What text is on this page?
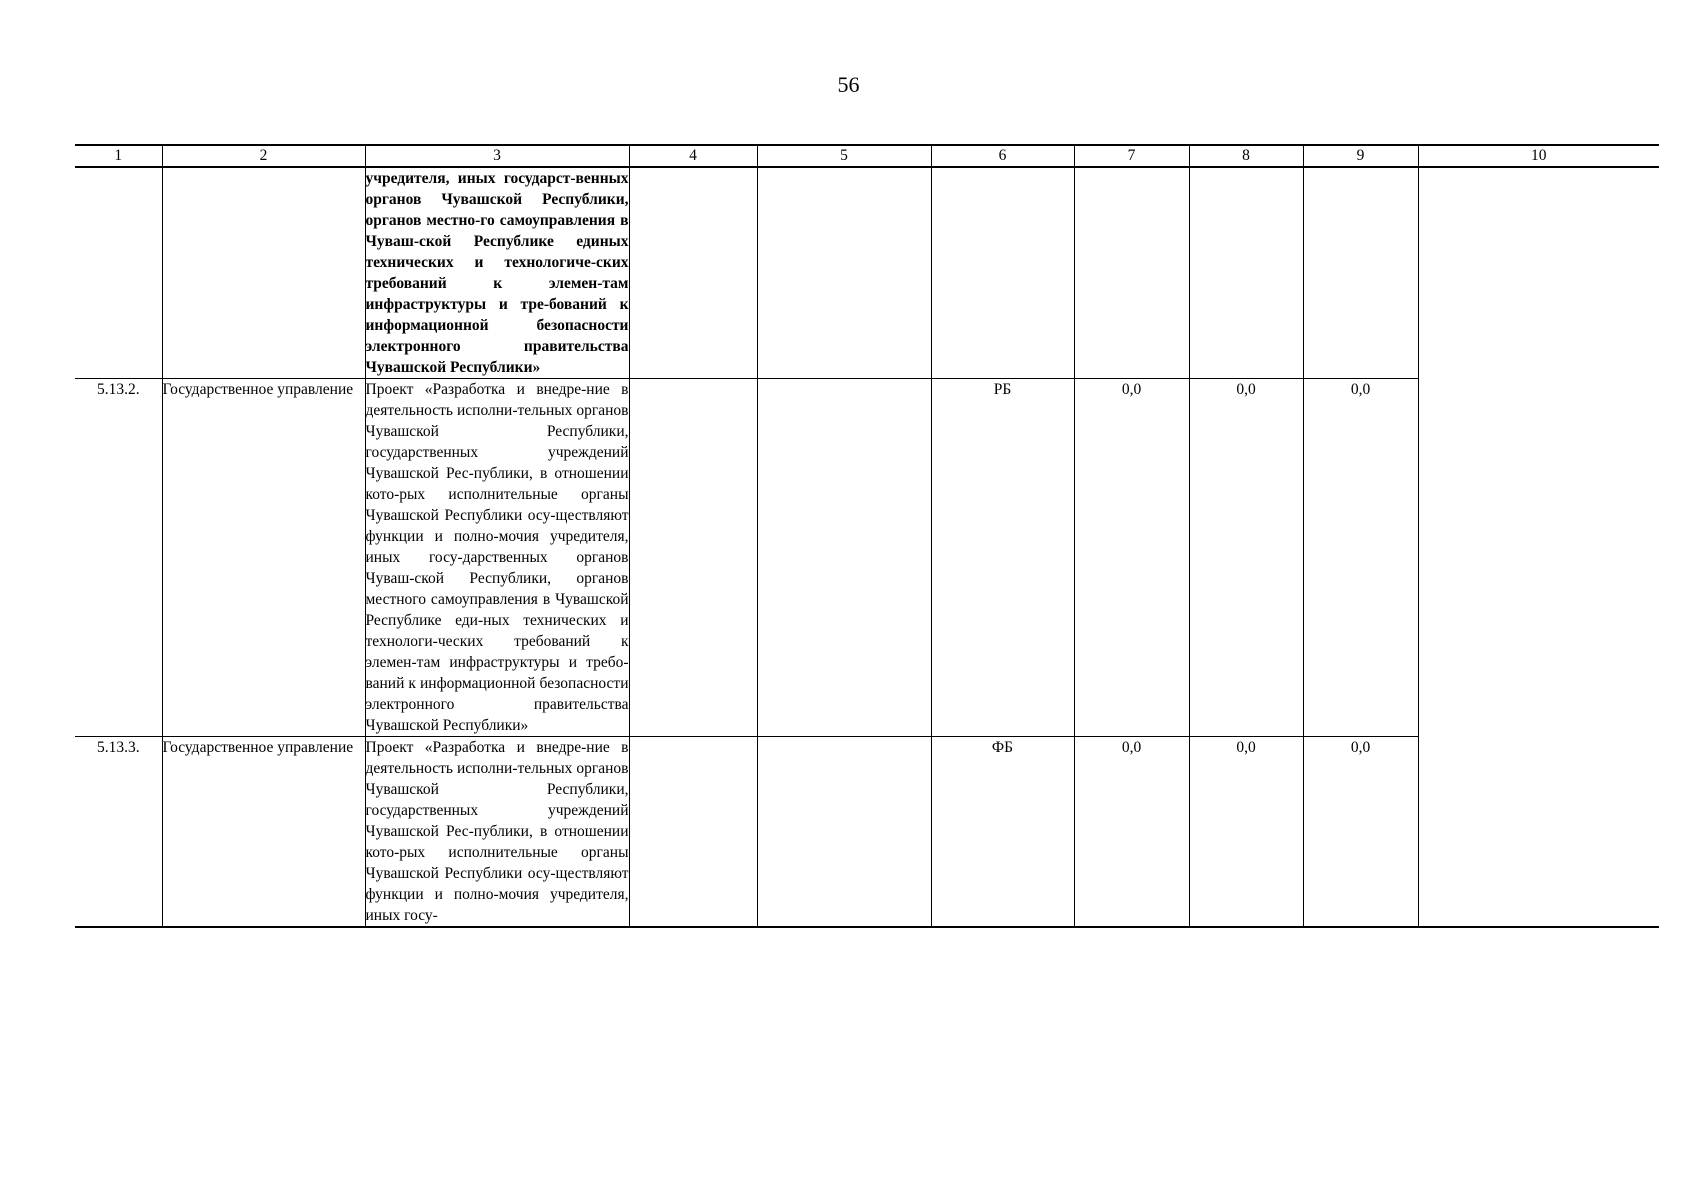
56
1	2	3	4	5	6	7	8	9	10
		учредителя, иных государст-венных органов Чувашской Республики, органов местно-го самоуправления в Чуваш-ской Республике единых технических и технологиче-ских требований к элемен-там инфраструктуры и тре-бований к информационной безопасности электронного правительства Чувашской Республики»							
5.13.2.	Государственное управление	Проект «Разработка и внедре-ние в деятельность исполни-тельных органов Чувашской Республики, государственных учреждений Чувашской Рес-публики, в отношении кото-рых исполнительные органы Чувашской Республики осу-ществляют функции и полно-мочия учредителя, иных госу-дарственных органов Чуваш-ской Республики, органов местного самоуправления в Чувашской Республике еди-ных технических и технологи-ческих требований к элемен-там инфраструктуры и требо-ваний к информационной безопасности электронного правительства Чувашской Республики»			РБ	0,0	0,0	0,0	
5.13.3.	Государственное управление	Проект «Разработка и внедре-ние в деятельность исполни-тельных органов Чувашской Республики, государственных учреждений Чувашской Рес-публики, в отношении кото-рых исполнительные органы Чувашской Республики осу-ществляют функции и полно-мочия учредителя, иных госу-			ФБ	0,0	0,0	0,0	
